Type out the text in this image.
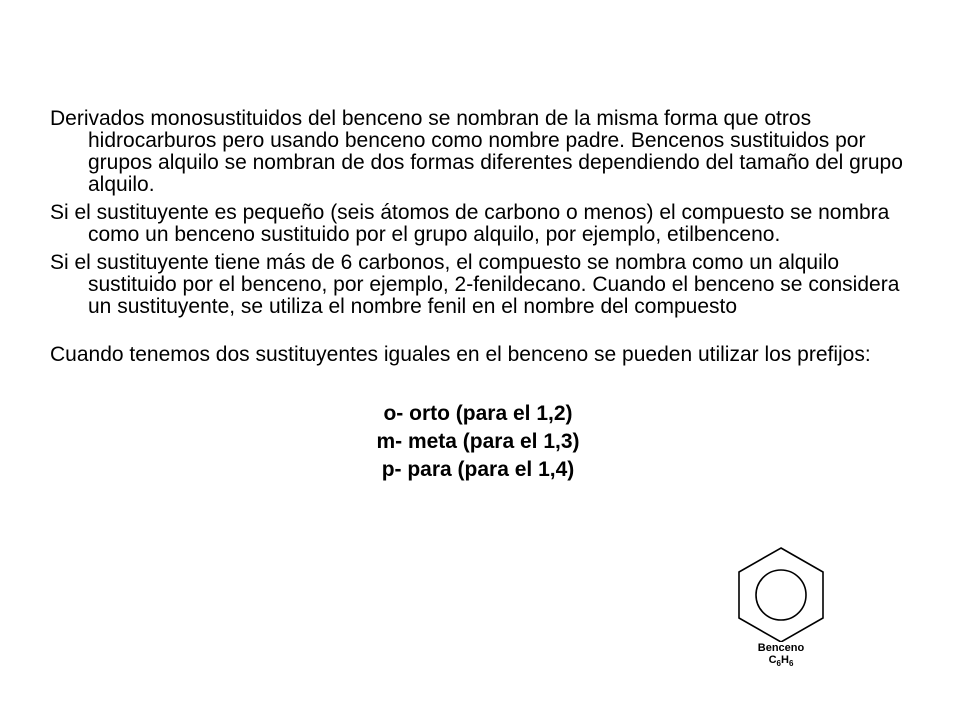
Derivados monosustituidos del benceno se nombran de la misma forma que otros hidrocarburos pero usando benceno como nombre padre. Bencenos sustituidos por grupos alquilo se nombran de dos formas diferentes dependiendo del tamaño del grupo alquilo.

Si el sustituyente es pequeño (seis átomos de carbono o menos) el compuesto se nombra como un benceno sustituido por el grupo alquilo, por ejemplo, etilbenceno.

Si el sustituyente tiene más de 6 carbonos, el compuesto se nombra como un alquilo sustituido por el benceno, por ejemplo, 2-fenildecano. Cuando el benceno se considera un sustituyente, se utiliza el nombre fenil en el nombre del compuesto

Cuando tenemos dos sustituyentes iguales en el benceno se pueden utilizar los prefijos:

o- orto (para el 1,2)
m- meta (para el 1,3)
p- para (para el 1,4)
Benceno
$C_6H_6$
